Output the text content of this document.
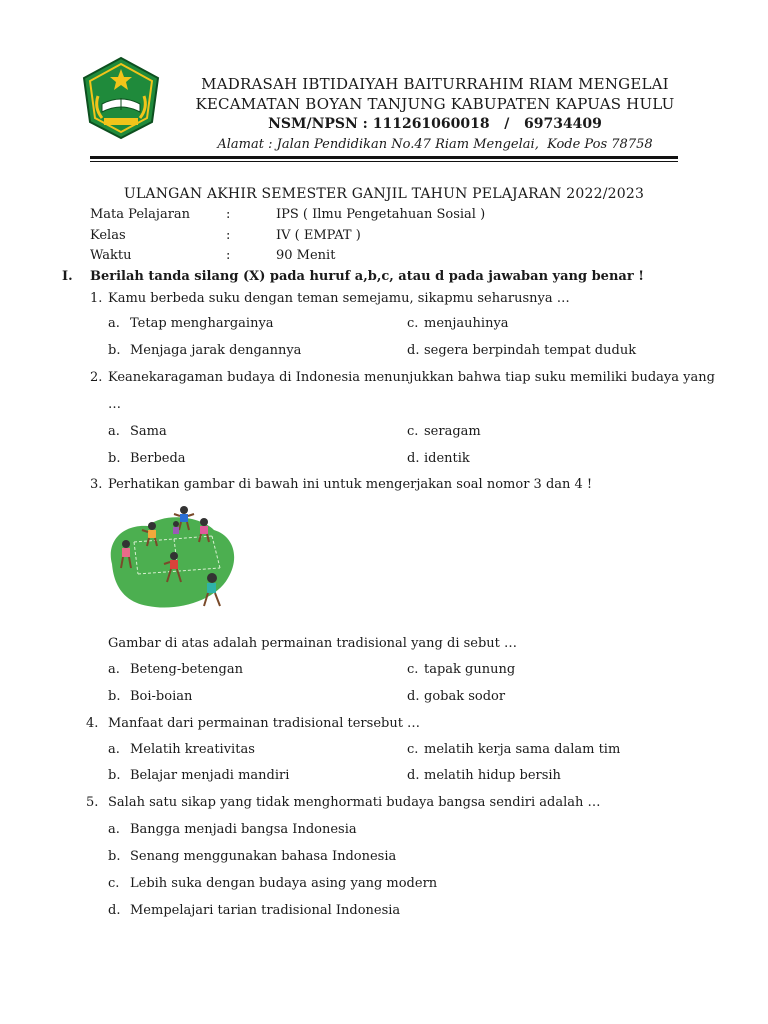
MADRASAH IBTIDAIYAH BAITURRAHIM RIAM MENGELAI
KECAMATAN BOYAN TANJUNG KABUPATEN KAPUAS HULU
NSM/NPSN : 111261060018   /   69734409
Alamat : Jalan Pendidikan No.47 Riam Mengelai,  Kode Pos 78758
ULANGAN AKHIR SEMESTER GANJIL TAHUN PELAJARAN 2022/2023
Mata Pelajaran	:	IPS ( Ilmu Pengetahuan Sosial )
Kelas	:	IV ( EMPAT )
Waktu	:	90 Menit
I. Berilah tanda silang (X) pada huruf a,b,c, atau d pada jawaban yang benar !
1. Kamu berbeda suku dengan teman semejamu, sikapmu seharusnya …
a. Tetap menghargainya	c. menjauhinya
b. Menjaga jarak dengannya	d. segera berpindah tempat duduk
2. Keanekaragaman budaya di Indonesia menunjukkan bahwa tiap suku memiliki budaya yang
…
a. Sama	c. seragam
b. Berbeda	d. identik
3. Perhatikan gambar di bawah ini untuk mengerjakan soal nomor 3 dan 4 !
Gambar di atas adalah permainan tradisional yang di sebut …
a. Beteng-betengan	c. tapak gunung
b. Boi-boian	d. gobak sodor
4. Manfaat dari permainan tradisional tersebut …
a. Melatih kreativitas	c. melatih kerja sama dalam tim
b. Belajar menjadi mandiri	d. melatih hidup bersih
5. Salah satu sikap yang tidak menghormati budaya bangsa sendiri adalah …
a. Bangga menjadi bangsa Indonesia
b. Senang menggunakan bahasa Indonesia
c. Lebih suka dengan budaya asing yang modern
d. Mempelajari tarian tradisional Indonesia
